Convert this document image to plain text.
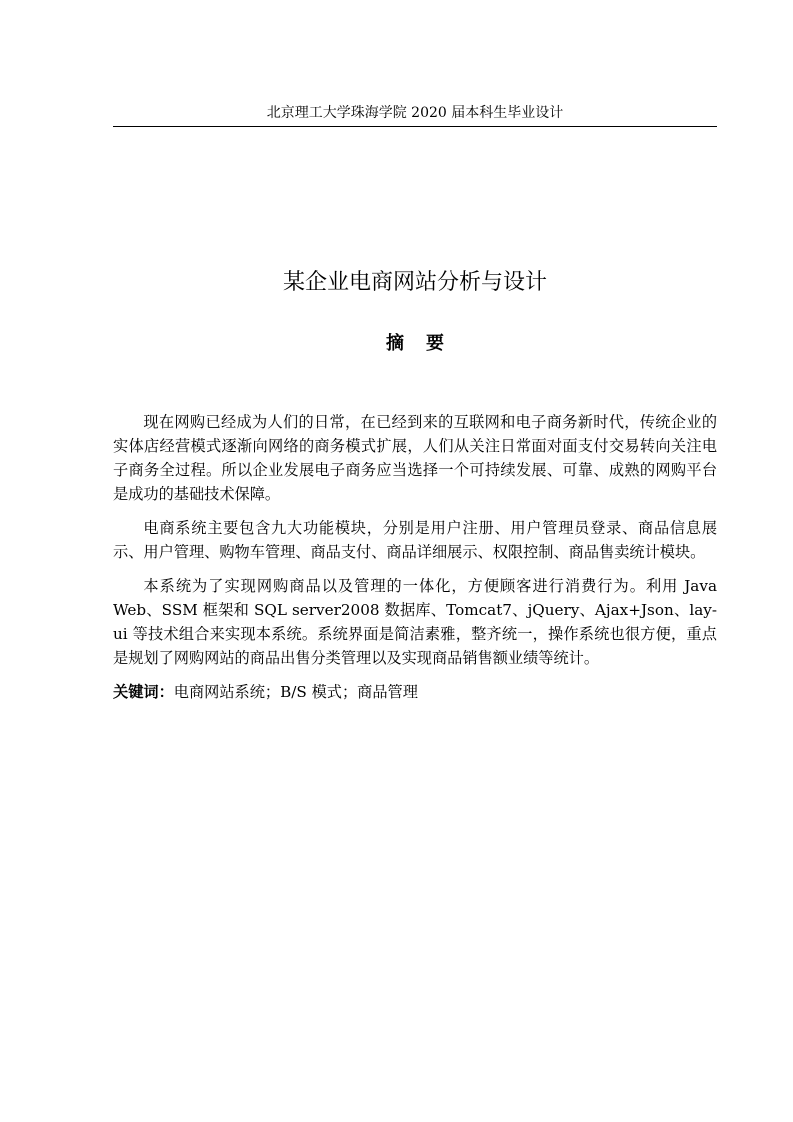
北京理工大学珠海学院 2020 届本科生毕业设计
某企业电商网站分析与设计
摘要

现在网购已经成为人们的日常，在已经到来的互联网和电子商务新时代，传统企业的实体店经营模式逐渐向网络的商务模式扩展，人们从关注日常面对面支付交易转向关注电子商务全过程。所以企业发展电子商务应当选择一个可持续发展、可靠、成熟的网购平台是成功的基础技术保障。

电商系统主要包含九大功能模块，分别是用户注册、用户管理员登录、商品信息展示、用户管理、购物车管理、商品支付、商品详细展示、权限控制、商品售卖统计模块。

本系统为了实现网购商品以及管理的一体化，方便顾客进行消费行为。利用 Java Web、SSM 框架和 SQL server2008 数据库、Tomcat7、jQuery、Ajax+Json、lay-ui 等技术组合来实现本系统。系统界面是简洁素雅，整齐统一，操作系统也很方便，重点是规划了网购网站的商品出售分类管理以及实现商品销售额业绩等统计。

关键词：电商网站系统；B/S 模式；商品管理
